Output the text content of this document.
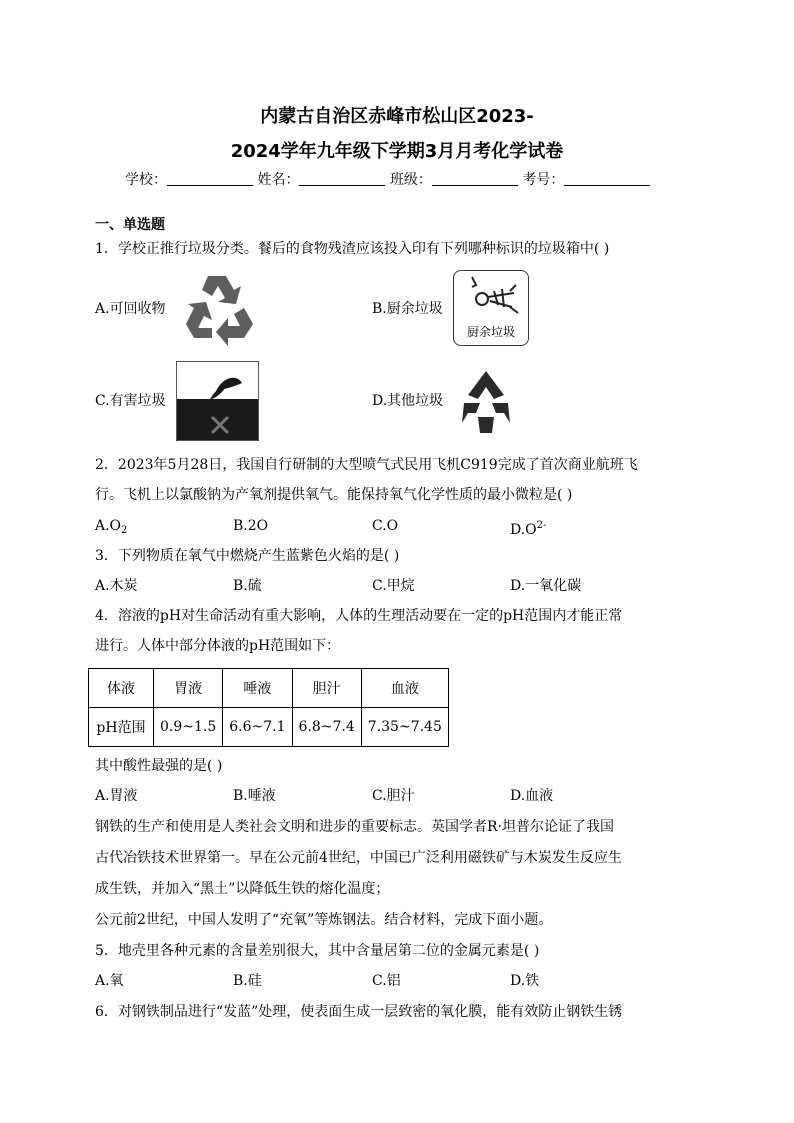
内蒙古自治区赤峰市松山区2023-
2024学年九年级下学期3月月考化学试卷
学校：	姓名：	班级：	考号：
一、单选题
1．学校正推行垃圾分类。餐后的食物残渣应该投入印有下列哪种标识的垃圾箱中( )
A.可回收物	B.厨余垃圾
厨余垃圾
C.有害垃圾	D.其他垃圾
2．2023年5月28日，我国自行研制的大型喷气式民用飞机C919完成了首次商业航班飞
行。飞机上以氯酸钠为产氧剂提供氧气。能保持氧气化学性质的最小微粒是( )
$A.O_2$	B.2O	C.O	$D.O^{2-}$
3．下列物质在氧气中燃烧产生蓝紫色火焰的是( )
A.木炭	B.硫	C.甲烷	D.一氧化碳
4．溶液的pH对生命活动有重大影响，人体的生理活动要在一定的pH范围内才能正常
进行。人体中部分体液的pH范围如下：
体液	胃液	唾液	胆汁	血液
pH范围	0.9~1.5	6.6~7.1	6.8~7.4	7.35~7.45
其中酸性最强的是( )
A.胃液	B.唾液	C.胆汁	D.血液
钢铁的生产和使用是人类社会文明和进步的重要标志。英国学者R·坦普尔论证了我国
古代冶铁技术世界第一。早在公元前4世纪，中国已广泛利用磁铁矿与木炭发生反应生
成生铁，并加入“黑土”以降低生铁的熔化温度；
公元前2世纪，中国人发明了“充氧”等炼钢法。结合材料，完成下面小题。
5．地壳里各种元素的含量差别很大，其中含量居第二位的金属元素是( )
A.氧	B.硅	C.铝	D.铁
6．对钢铁制品进行“发蓝”处理，使表面生成一层致密的氧化膜，能有效防止钢铁生锈
